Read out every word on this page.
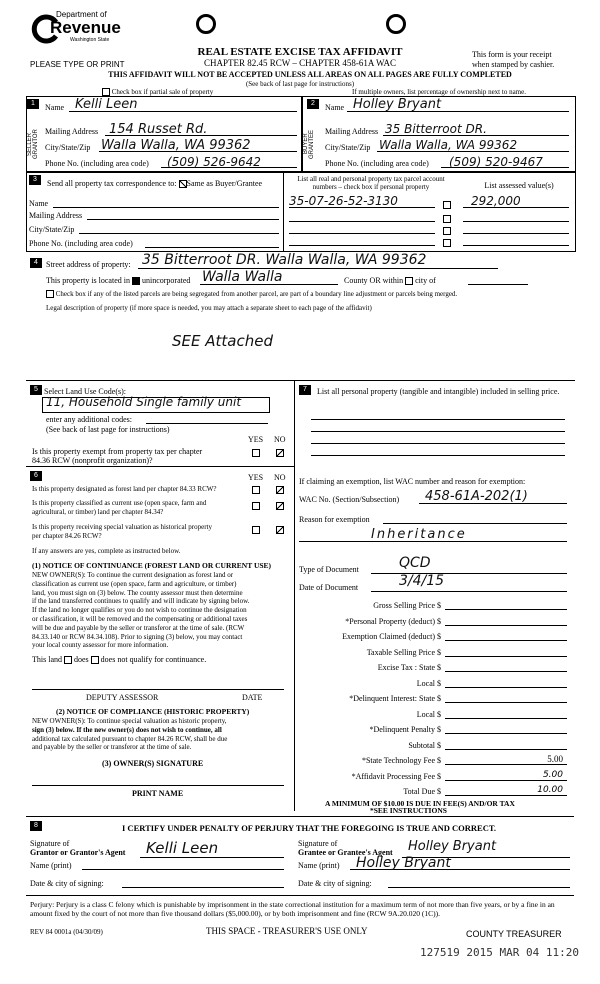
Department of
Revenue
Washington State
PLEASE TYPE OR PRINT
REAL ESTATE EXCISE TAX AFFIDAVIT
CHAPTER 82.45 RCW – CHAPTER 458-61A WAC
This form is your receipt
when stamped by cashier.
THIS AFFIDAVIT WILL NOT BE ACCEPTED UNLESS ALL AREAS ON ALL PAGES ARE FULLY COMPLETED
(See back of last page for instructions)
Check box if partial sale of property	If multiple owners, list percentage of ownership next to name.
1
SELLER GRANTOR
Name Kelli Leen
Mailing Address 154 Russet Rd.
City/State/Zip Walla Walla, WA 99362
Phone No. (including area code) (509) 526-9642
2
BUYER GRANTEE
Name Holley Bryant
Mailing Address 35 Bitterroot DR.
City/State/Zip Walla Walla, WA 99362
Phone No. (including area code) (509) 520-9467
3	Send all property tax correspondence to: Same as Buyer/Grantee
Name
Mailing Address
City/State/Zip
Phone No. (including area code)
List all real and personal property tax parcel account numbers – check box if personal property	List assessed value(s)
35-07-26-52-3130	292,000
4	Street address of property: 35 Bitterroot DR. Walla Walla, WA 99362
This property is located in unincorporated Walla Walla	County OR within city of
Check box if any of the listed parcels are being segregated from another parcel, are part of a boundary line adjustment or parcels being merged.
Legal description of property (if more space is needed, you may attach a separate sheet to each page of the affidavit)
SEE Attached
5 Select Land Use Code(s):
11, Household Single family unit
enter any additional codes:
(See back of last page for instructions)
YES NO
Is this property exempt from property tax per chapter
84.36 RCW (nonprofit organization)?
6	YES NO
Is this property designated as forest land per chapter 84.33 RCW?
Is this property classified as current use (open space, farm and
agricultural, or timber) land per chapter 84.34?
Is this property receiving special valuation as historical property
per chapter 84.26 RCW?
If any answers are yes, complete as instructed below.
(1) NOTICE OF CONTINUANCE (FOREST LAND OR CURRENT USE)
NEW OWNER(S): To continue the current designation as forest land or
classification as current use (open space, farm and agriculture, or timber)
land, you must sign on (3) below. The county assessor must then determine
if the land transferred continues to qualify and will indicate by signing below.
If the land no longer qualifies or you do not wish to continue the designation
or classification, it will be removed and the compensating or additional taxes
will be due and payable by the seller or transferor at the time of sale. (RCW
84.33.140 or RCW 84.34.108). Prior to signing (3) below, you may contact
your local county assessor for more information.
This land does does not qualify for continuance.
DEPUTY ASSESSOR	DATE
(2) NOTICE OF COMPLIANCE (HISTORIC PROPERTY)
NEW OWNER(S): To continue special valuation as historic property,
sign (3) below. If the new owner(s) does not wish to continue, all
additional tax calculated pursuant to chapter 84.26 RCW, shall be due
and payable by the seller or transferor at the time of sale.
(3) OWNER(S) SIGNATURE
PRINT NAME
7	List all personal property (tangible and intangible) included in selling price.
If claiming an exemption, list WAC number and reason for exemption:
WAC No. (Section/Subsection) 458-61A-202(1)
Reason for exemption
Inheritance
Type of Document	QCD
Date of Document	3/4/15
Gross Selling Price $
*Personal Property (deduct) $
Exemption Claimed (deduct) $
Taxable Selling Price $
Excise Tax : State $
Local $
*Delinquent Interest: State $
Local $
*Delinquent Penalty $
Subtotal $
*State Technology Fee $	5.00
*Affidavit Processing Fee $	5.00
Total Due $	10.00
A MINIMUM OF $10.00 IS DUE IN FEE(S) AND/OR TAX
*SEE INSTRUCTIONS
8	I CERTIFY UNDER PENALTY OF PERJURY THAT THE FOREGOING IS TRUE AND CORRECT.
Signature of
Grantor or Grantor's Agent Kelli Leen
Name (print)
Date & city of signing:
Signature of
Grantee or Grantee's Agent Holley Bryant
Name (print) Holley Bryant
Date & city of signing:
Perjury: Perjury is a class C felony which is punishable by imprisonment in the state correctional institution for a maximum term of not more than five years, or by a fine in an amount fixed by the court of not more than five thousand dollars ($5,000.00), or by both imprisonment and fine (RCW 9A.20.020 (1C)).
REV 84 0001a (04/30/09)	THIS SPACE - TREASURER'S USE ONLY	COUNTY TREASURER
127519 2015 MAR 04 11:20
